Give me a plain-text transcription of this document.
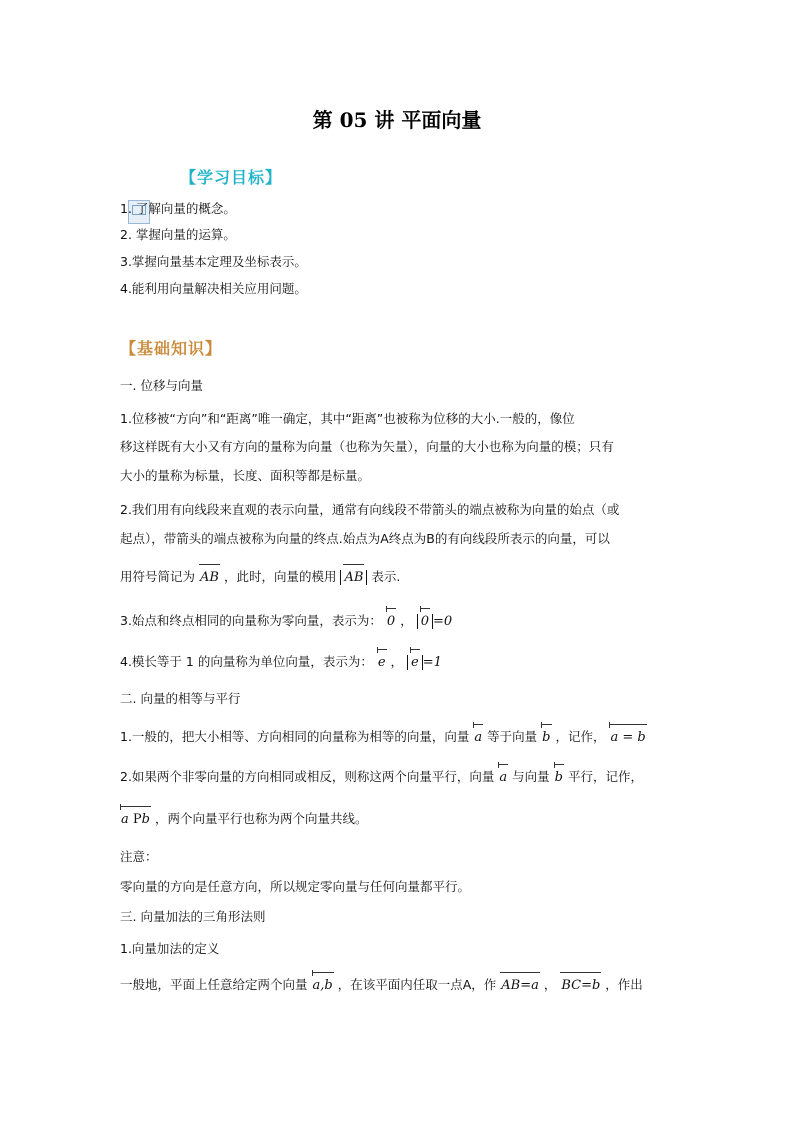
第 05 讲 平面向量
【学习目标】
1. 了解向量的概念。
2. 掌握向量的运算。
3.掌握向量基本定理及坐标表示。
4.能利用向量解决相关应用问题。
【基础知识】
一. 位移与向量
1.位移被“方向”和“距离”唯一确定，其中“距离”也被称为位移的大小.一般的，像位
移这样既有大小又有方向的量称为向量（也称为矢量），向量的大小也称为向量的模；只有
大小的量称为标量，长度、面积等都是标量。
2.我们用有向线段来直观的表示向量，通常有向线段不带箭头的端点被称为向量的始点（或
起点），带箭头的端点被称为向量的终点.始点为A终点为B的有向线段所表示的向量，可以
用符号简记为 AB ，此时，向量的模用 AB 表示.
3.始点和终点相同的向量称为零向量，表示为： 0 ， 0 =0
4.模长等于 1 的向量称为单位向量，表示为： e ， e =1
二. 向量的相等与平行
1.一般的，把大小相等、方向相同的向量称为相等的向量，向量 a 等于向量 b ，记作， a = b
2.如果两个非零向量的方向相同或相反，则称这两个向量平行，向量 a 与向量 b 平行，记作，
a Pb ，两个向量平行也称为两个向量共线。
注意：
零向量的方向是任意方向，所以规定零向量与任何向量都平行。
三. 向量加法的三角形法则
1.向量加法的定义
一般地，平面上任意给定两个向量 a,b ，在该平面内任取一点A，作 AB=a ， BC=b ，作出
